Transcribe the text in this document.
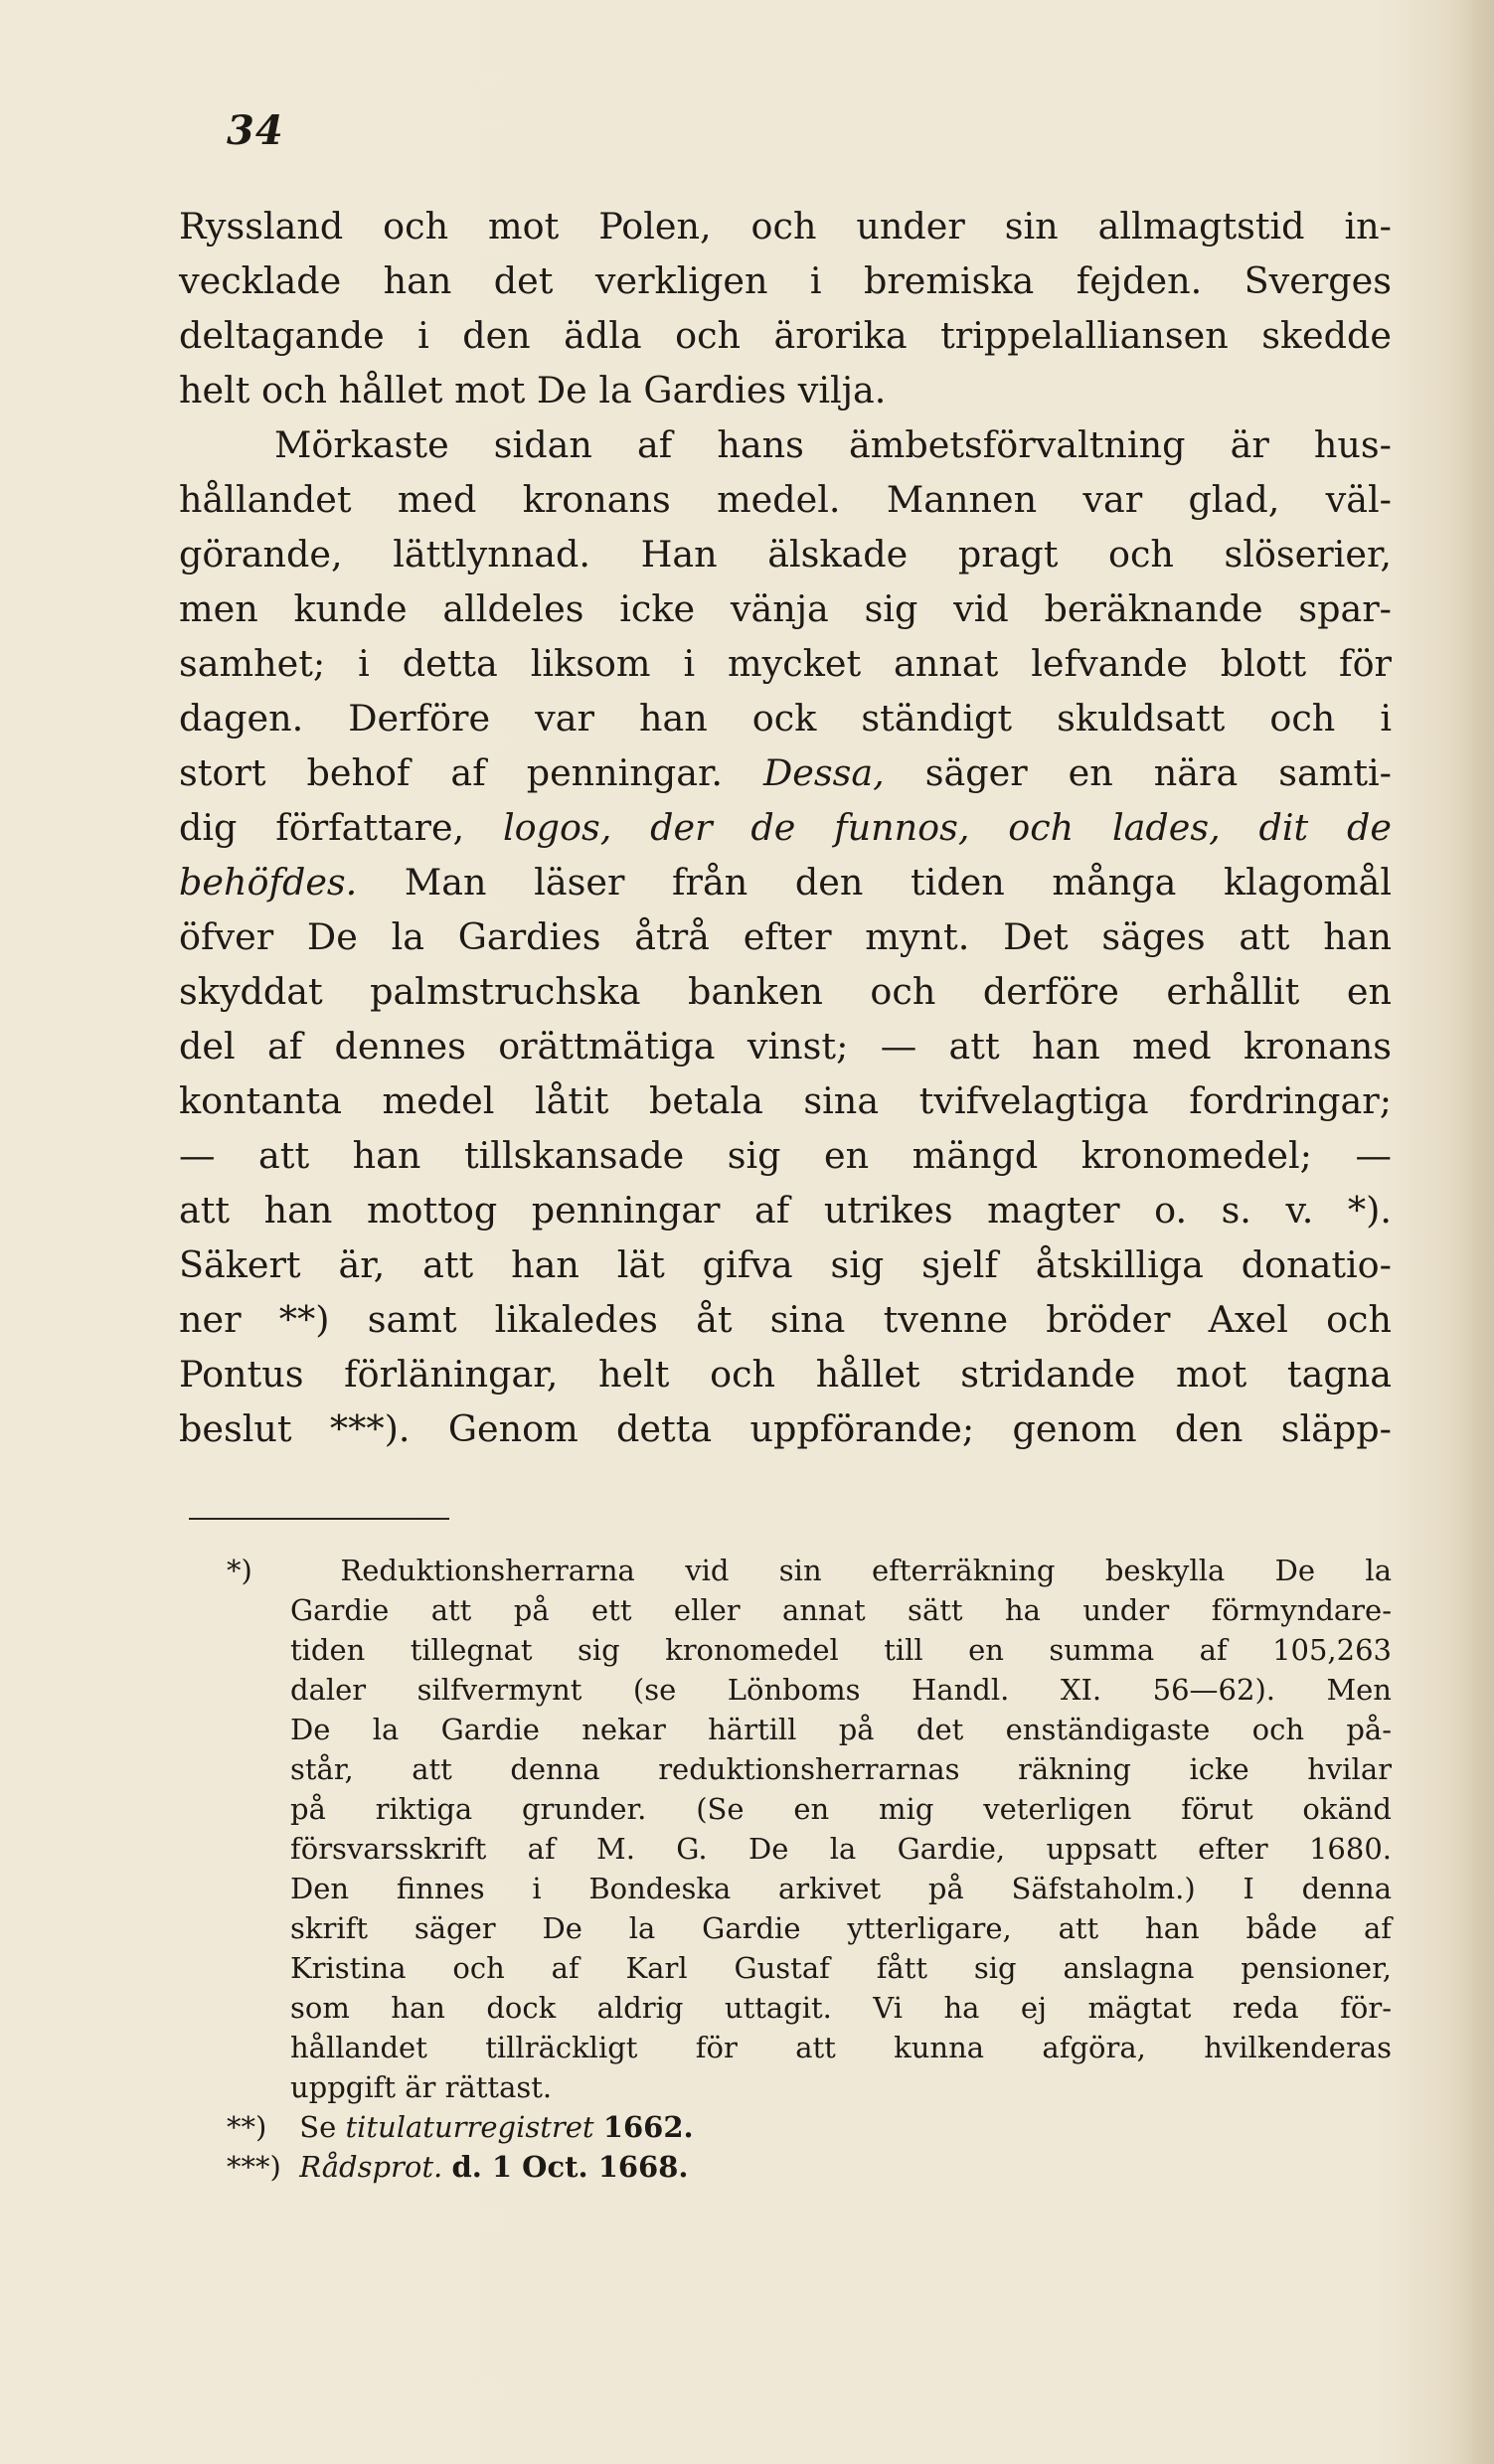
34
Ryssland och mot Polen, och under sin allmagtstid in-
vecklade han det verkligen i bremiska fejden. Sverges
deltagande i den ädla och ärorika trippelalliansen skedde
helt och hållet mot De la Gardies vilja.
Mörkaste sidan af hans ämbetsförvaltning är hus-
hållandet med kronans medel. Mannen var glad, väl-
görande, lättlynnad. Han älskade pragt och slöserier,
men kunde alldeles icke vänja sig vid beräknande spar-
samhet; i detta liksom i mycket annat lefvande blott för
dagen. Derföre var han ock ständigt skuldsatt och i
stort behof af penningar. Dessa, säger en nära samti-
dig författare, logos, der de funnos, och lades, dit de
behöfdes. Man läser från den tiden många klagomål
öfver De la Gardies åtrå efter mynt. Det säges att han
skyddat palmstruchska banken och derföre erhållit en
del af dennes orättmätiga vinst; — att han med kronans
kontanta medel låtit betala sina tvifvelagtiga fordringar;
— att han tillskansade sig en mängd kronomedel; —
att han mottog penningar af utrikes magter o. s. v. *).
Säkert är, att han lät gifva sig sjelf åtskilliga donatio-
ner **) samt likaledes åt sina tvenne bröder Axel och
Pontus förläningar, helt och hållet stridande mot tagna
beslut ***). Genom detta uppförande; genom den släpp-
*)	Reduktionsherrarna vid sin efterräkning beskylla De la
Gardie att på ett eller annat sätt ha under förmyndare-
tiden tillegnat sig kronomedel till en summa af 105,263
daler silfvermynt (se Lönboms Handl. XI. 56—62). Men
De la Gardie nekar härtill på det enständigaste och på-
står, att denna reduktionsherrarnas räkning icke hvilar
på riktiga grunder. (Se en mig veterligen förut okänd
försvarsskrift af M. G. De la Gardie, uppsatt efter 1680.
Den finnes i Bondeska arkivet på Säfstaholm.) I denna
skrift säger De la Gardie ytterligare, att han både af
Kristina och af Karl Gustaf fått sig anslagna pensioner,
som han dock aldrig uttagit. Vi ha ej mägtat reda för-
hållandet tillräckligt för att kunna afgöra, hvilkenderas
uppgift är rättast.
**) Se titulaturregistret 1662.
***) Rådsprot. d. 1 Oct. 1668.
